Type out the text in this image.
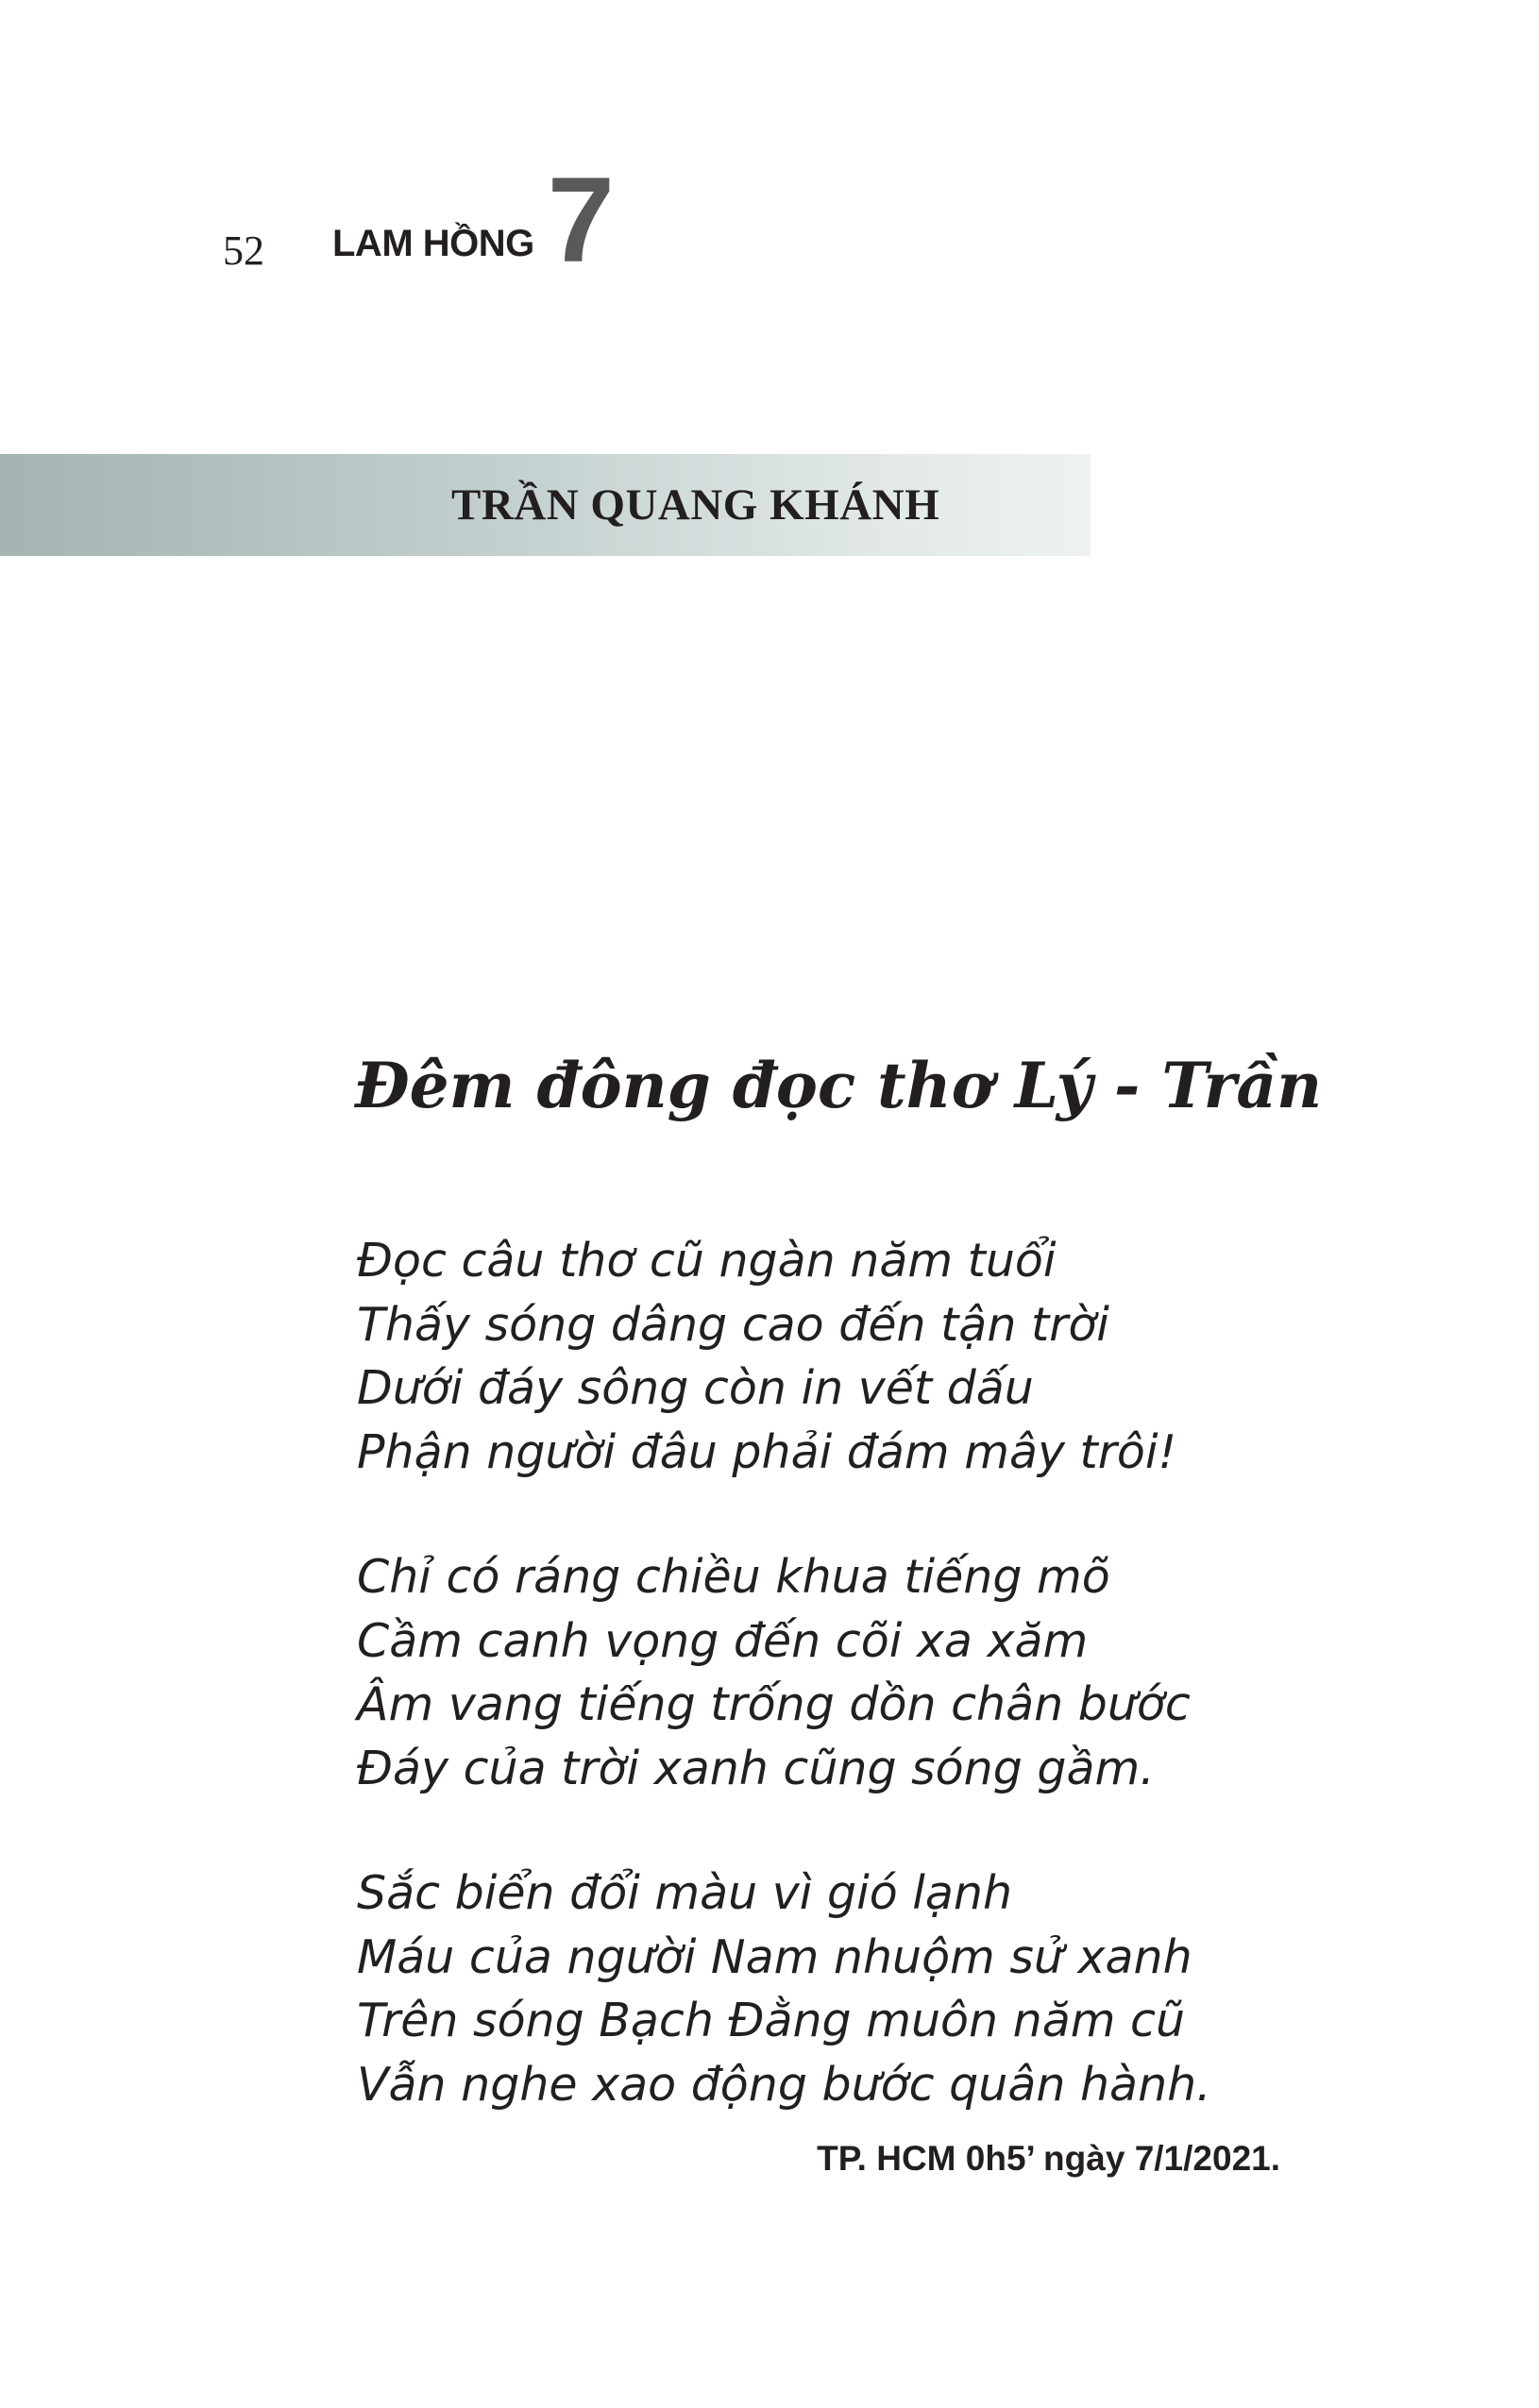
52 LAM HỒNG 7
TRẦN QUANG KHÁNH
Đêm đông đọc thơ Lý - Trần
Đọc câu thơ cũ ngàn năm tuổi
Thấy sóng dâng cao đến tận trời
Dưới đáy sông còn in vết dấu
Phận người đâu phải đám mây trôi!
Chỉ có ráng chiều khua tiếng mõ
Cầm canh vọng đến cõi xa xăm
Âm vang tiếng trống dồn chân bước
Đáy của trời xanh cũng sóng gầm.
Sắc biển đổi màu vì gió lạnh
Máu của người Nam nhuộm sử xanh
Trên sóng Bạch Đằng muôn năm cũ
Vẫn nghe xao động bước quân hành.
TP. HCM 0h5’ ngày 7/1/2021.
